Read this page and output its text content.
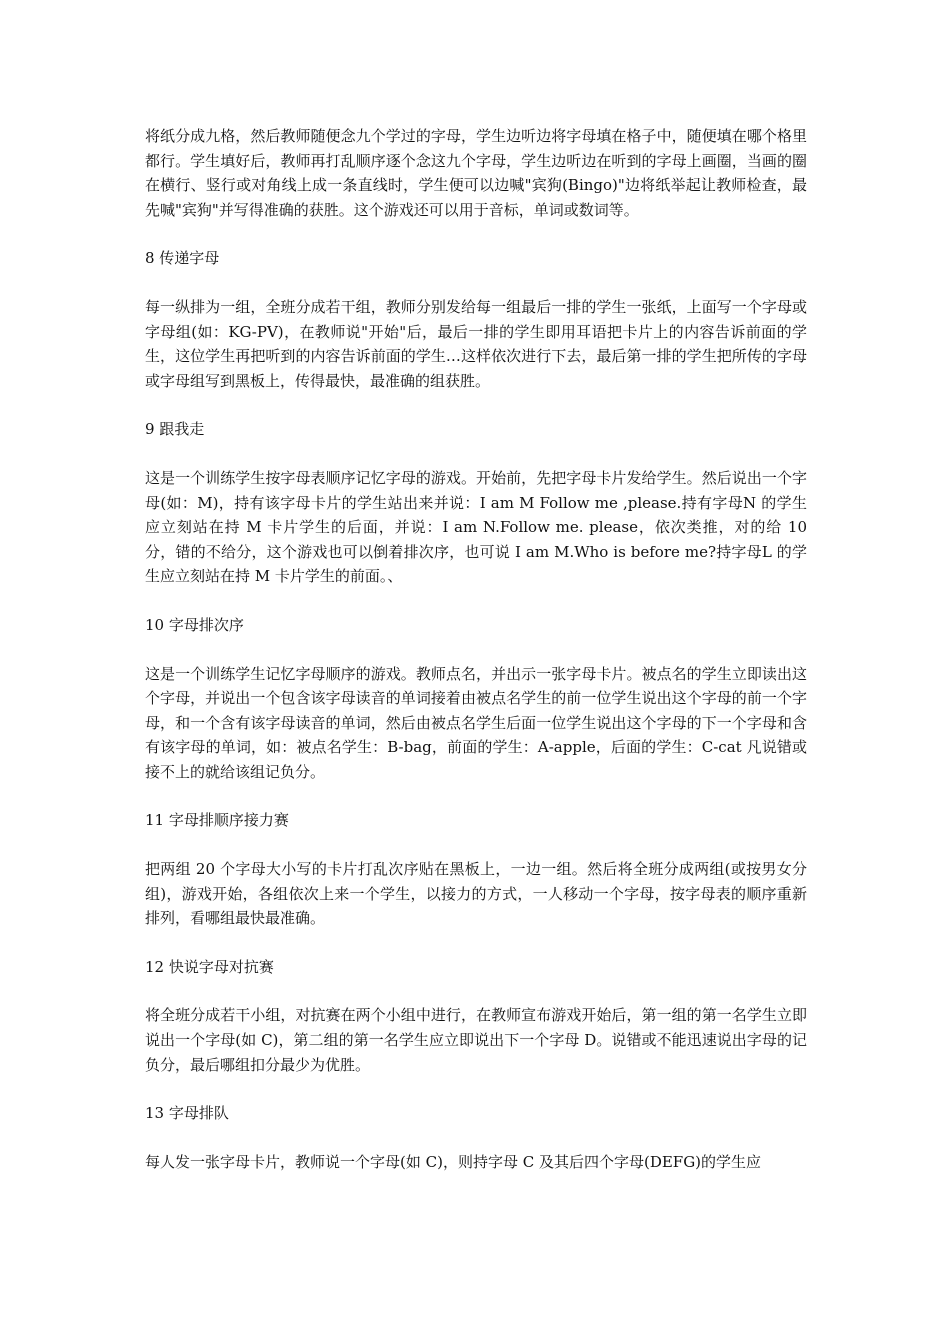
将纸分成九格，然后教师随便念九个学过的字母，学生边听边将字母填在格子中，随便填在哪个格里都行。学生填好后，教师再打乱顺序逐个念这九个字母，学生边听边在听到的字母上画圈，当画的圈在横行、竖行或对角线上成一条直线时，学生便可以边喊"宾狗(Bingo)"边将纸举起让教师检查，最先喊"宾狗"并写得准确的获胜。这个游戏还可以用于音标，单词或数词等。

8 传递字母

每一纵排为一组，全班分成若干组，教师分别发给每一组最后一排的学生一张纸，上面写一个字母或字母组(如：KG-PV)，在教师说"开始"后，最后一排的学生即用耳语把卡片上的内容告诉前面的学生，这位学生再把听到的内容告诉前面的学生…这样依次进行下去，最后第一排的学生把所传的字母或字母组写到黑板上，传得最快，最准确的组获胜。

9 跟我走

这是一个训练学生按字母表顺序记忆字母的游戏。开始前，先把字母卡片发给学生。然后说出一个字母(如：M)，持有该字母卡片的学生站出来并说：I am M Follow me ,please.持有字母N 的学生应立刻站在持 M 卡片学生的后面，并说：I am N.Follow me. please，依次类推，对的给 10 分，错的不给分，这个游戏也可以倒着排次序，也可说 I am M.Who is before me?持字母L 的学生应立刻站在持 M 卡片学生的前面。、

10 字母排次序

这是一个训练学生记忆字母顺序的游戏。教师点名，并出示一张字母卡片。被点名的学生立即读出这个字母，并说出一个包含该字母读音的单词接着由被点名学生的前一位学生说出这个字母的前一个字母，和一个含有该字母读音的单词，然后由被点名学生后面一位学生说出这个字母的下一个字母和含有该字母的单词，如：被点名学生：B-bag，前面的学生：A-apple，后面的学生：C-cat 凡说错或接不上的就给该组记负分。

11 字母排顺序接力赛

把两组 20 个字母大小写的卡片打乱次序贴在黑板上，一边一组。然后将全班分成两组(或按男女分组)，游戏开始，各组依次上来一个学生，以接力的方式，一人移动一个字母，按字母表的顺序重新排列，看哪组最快最准确。

12 快说字母对抗赛

将全班分成若干小组，对抗赛在两个小组中进行，在教师宣布游戏开始后，第一组的第一名学生立即说出一个字母(如 C)，第二组的第一名学生应立即说出下一个字母 D。说错或不能迅速说出字母的记负分，最后哪组扣分最少为优胜。

13 字母排队

每人发一张字母卡片，教师说一个字母(如 C)，则持字母 C 及其后四个字母(DEFG)的学生应
